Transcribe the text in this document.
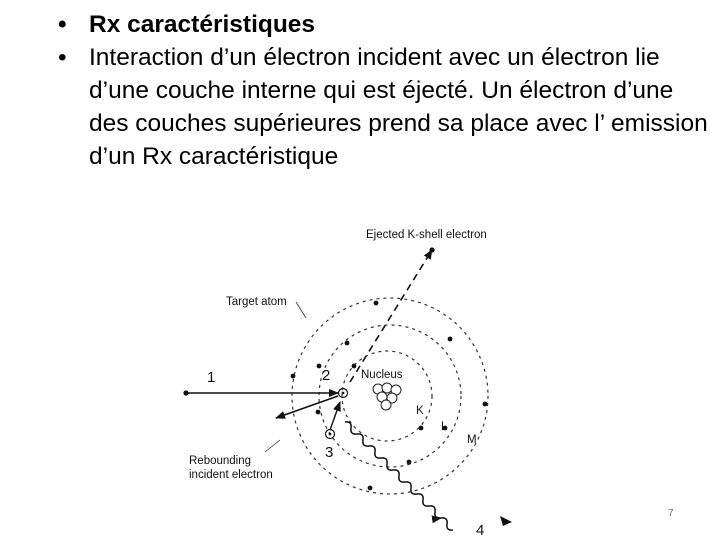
• Rx caractéristiques
• Interaction d’un électron incident avec un électron lie d’une couche interne qui est éjecté. Un électron d’une des couches supérieures prend sa place avec l’ emission d’un Rx caractéristique
Ejected K-shell electron
Target atom
Nucleus
Rebounding
incident electron
K
L
M
1	2
3
4
7
